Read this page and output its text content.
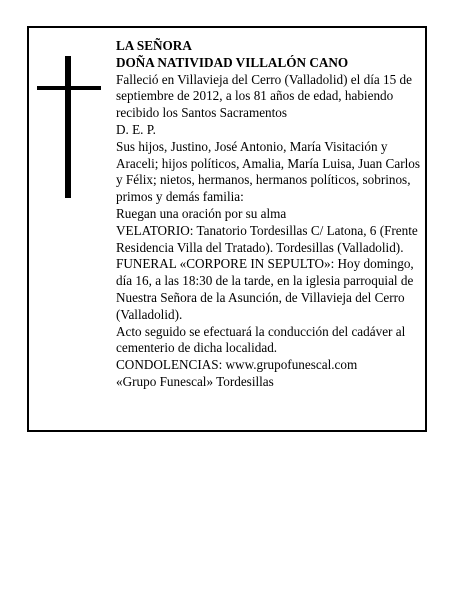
LA SEÑORA

DOÑA NATIVIDAD VILLALÓN CANO

Falleció en Villavieja del Cerro (Valladolid) el día 15 de septiembre de 2012, a los 81 años de edad, habiendo recibido los Santos Sacramentos

D. E. P.

Sus hijos, Justino, José Antonio, María Visitación y Araceli; hijos políticos, Amalia, María Luisa, Juan Carlos y Félix; nietos, hermanos, hermanos políticos, sobrinos, primos y demás familia:

Ruegan una oración por su alma

VELATORIO: Tanatorio Tordesillas C/ Latona, 6 (Frente Residencia Villa del Tratado). Tordesillas (Valladolid).

FUNERAL «CORPORE IN SEPULTO»: Hoy domingo, día 16, a las 18:30 de la tarde, en la iglesia parroquial de Nuestra Señora de la Asunción, de Villavieja del Cerro (Valladolid).

Acto seguido se efectuará la conducción del cadáver al cementerio de dicha localidad.

CONDOLENCIAS: www.grupofunescal.com

«Grupo Funescal» Tordesillas
